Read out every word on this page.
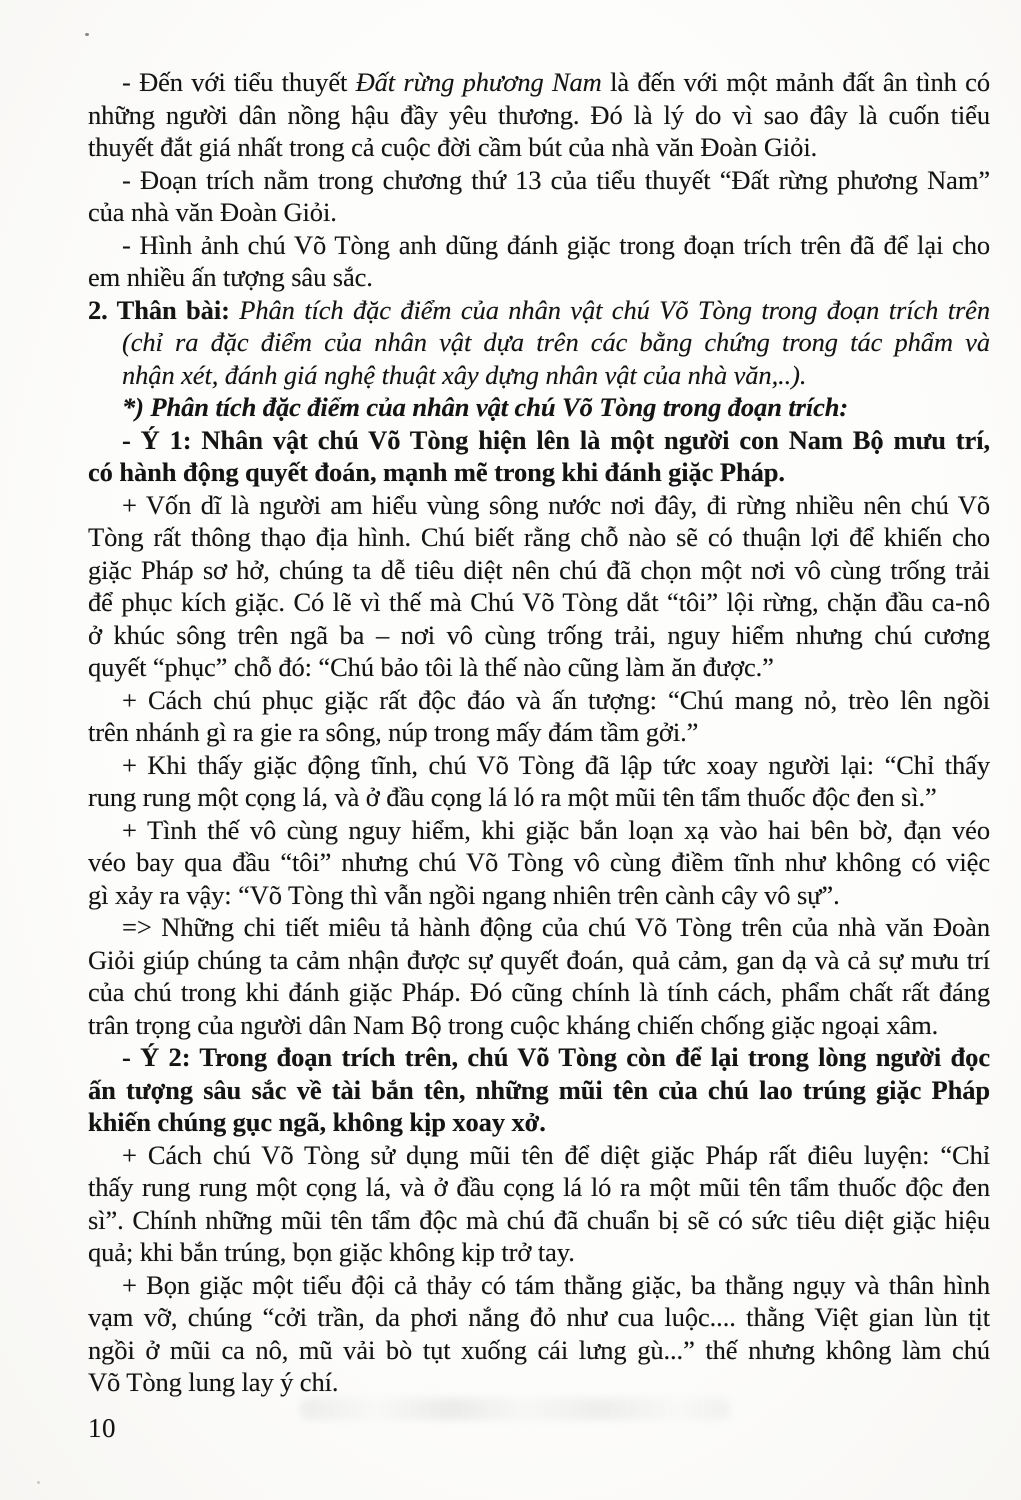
- Đến với tiểu thuyết Đất rừng phương Nam là đến với một mảnh đất ân tình có
những người dân nồng hậu đầy yêu thương. Đó là lý do vì sao đây là cuốn tiểu
thuyết đắt giá nhất trong cả cuộc đời cầm bút của nhà văn Đoàn Giỏi.
- Đoạn trích nằm trong chương thứ 13 của tiểu thuyết “Đất rừng phương Nam”
của nhà văn Đoàn Giỏi.
- Hình ảnh chú Võ Tòng anh dũng đánh giặc trong đoạn trích trên đã để lại cho
em nhiều ấn tượng sâu sắc.
2. Thân bài: Phân tích đặc điểm của nhân vật chú Võ Tòng trong đoạn trích trên
(chỉ ra đặc điểm của nhân vật dựa trên các bằng chứng trong tác phẩm và
nhận xét, đánh giá nghệ thuật xây dựng nhân vật của nhà văn,..).
*) Phân tích đặc điểm của nhân vật chú Võ Tòng trong đoạn trích:
- Ý 1: Nhân vật chú Võ Tòng hiện lên là một người con Nam Bộ mưu trí,
có hành động quyết đoán, mạnh mẽ trong khi đánh giặc Pháp.
+ Vốn dĩ là người am hiểu vùng sông nước nơi đây, đi rừng nhiều nên chú Võ
Tòng rất thông thạo địa hình. Chú biết rằng chỗ nào sẽ có thuận lợi để khiến cho
giặc Pháp sơ hở, chúng ta dễ tiêu diệt nên chú đã chọn một nơi vô cùng trống trải
để phục kích giặc. Có lẽ vì thế mà Chú Võ Tòng dắt “tôi” lội rừng, chặn đầu ca-nô
ở khúc sông trên ngã ba – nơi vô cùng trống trải, nguy hiểm nhưng chú cương
quyết “phục” chỗ đó: “Chú bảo tôi là thế nào cũng làm ăn được.”
+ Cách chú phục giặc rất độc đáo và ấn tượng: “Chú mang nỏ, trèo lên ngồi
trên nhánh gì ra gie ra sông, núp trong mấy đám tầm gởi.”
+ Khi thấy giặc động tĩnh, chú Võ Tòng đã lập tức xoay người lại: “Chỉ thấy
rung rung một cọng lá, và ở đầu cọng lá ló ra một mũi tên tẩm thuốc độc đen sì.”
+ Tình thế vô cùng nguy hiểm, khi giặc bắn loạn xạ vào hai bên bờ, đạn véo
véo bay qua đầu “tôi” nhưng chú Võ Tòng vô cùng điềm tĩnh như không có việc
gì xảy ra vậy: “Võ Tòng thì vẫn ngồi ngang nhiên trên cành cây vô sự”.
=> Những chi tiết miêu tả hành động của chú Võ Tòng trên của nhà văn Đoàn
Giỏi giúp chúng ta cảm nhận được sự quyết đoán, quả cảm, gan dạ và cả sự mưu trí
của chú trong khi đánh giặc Pháp. Đó cũng chính là tính cách, phẩm chất rất đáng
trân trọng của người dân Nam Bộ trong cuộc kháng chiến chống giặc ngoại xâm.
- Ý 2: Trong đoạn trích trên, chú Võ Tòng còn để lại trong lòng người đọc
ấn tượng sâu sắc về tài bắn tên, những mũi tên của chú lao trúng giặc Pháp
khiến chúng gục ngã, không kịp xoay xở.
+ Cách chú Võ Tòng sử dụng mũi tên để diệt giặc Pháp rất điêu luyện: “Chỉ
thấy rung rung một cọng lá, và ở đầu cọng lá ló ra một mũi tên tẩm thuốc độc đen
sì”. Chính những mũi tên tẩm độc mà chú đã chuẩn bị sẽ có sức tiêu diệt giặc hiệu
quả; khi bắn trúng, bọn giặc không kịp trở tay.
+ Bọn giặc một tiểu đội cả thảy có tám thằng giặc, ba thằng ngụy và thân hình
vạm vỡ, chúng “cởi trần, da phơi nắng đỏ như cua luộc.... thằng Việt gian lùn tịt
ngồi ở mũi ca nô, mũ vải bò tụt xuống cái lưng gù...” thế nhưng không làm chú
Võ Tòng lung lay ý chí.
10
